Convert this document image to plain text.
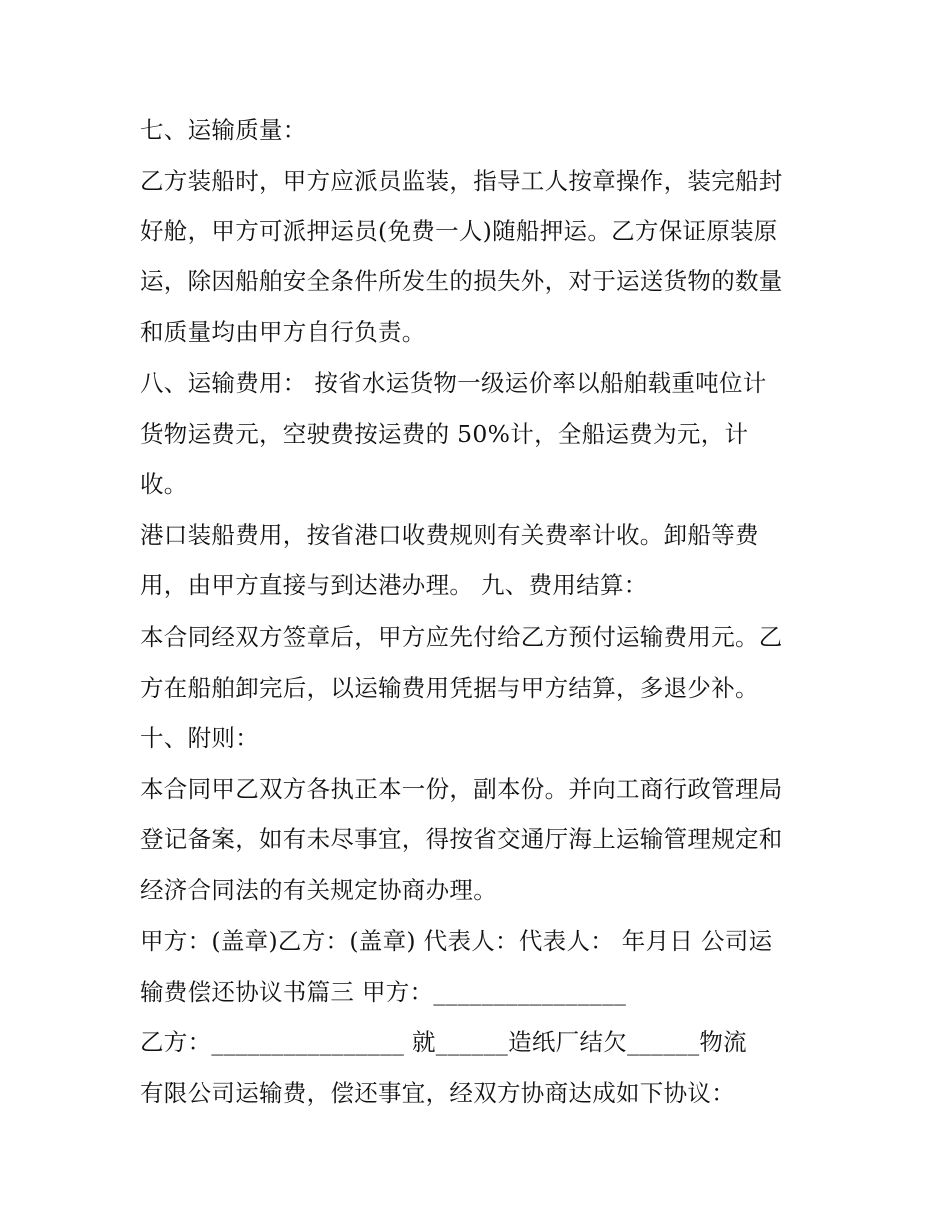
七、运输质量：
乙方装船时，甲方应派员监装，指导工人按章操作，装完船封
好舱，甲方可派押运员(免费一人)随船押运。乙方保证原装原
运，除因船舶安全条件所发生的损失外，对于运送货物的数量
和质量均由甲方自行负责。
八、运输费用： 按省水运货物一级运价率以船舶载重吨位计
货物运费元，空驶费按运费的 50%计，全船运费为元，计
收。
港口装船费用，按省港口收费规则有关费率计收。卸船等费
用，由甲方直接与到达港办理。 九、费用结算：
本合同经双方签章后，甲方应先付给乙方预付运输费用元。乙
方在船舶卸完后，以运输费用凭据与甲方结算，多退少补。
十、附则：
本合同甲乙双方各执正本一份，副本份。并向工商行政管理局
登记备案，如有未尽事宜，得按省交通厅海上运输管理规定和
经济合同法的有关规定协商办理。
甲方：(盖章)乙方：(盖章) 代表人：代表人： 年月日 公司运
输费偿还协议书篇三 甲方：________________
乙方：________________ 就______造纸厂结欠______物流
有限公司运输费，偿还事宜，经双方协商达成如下协议：
